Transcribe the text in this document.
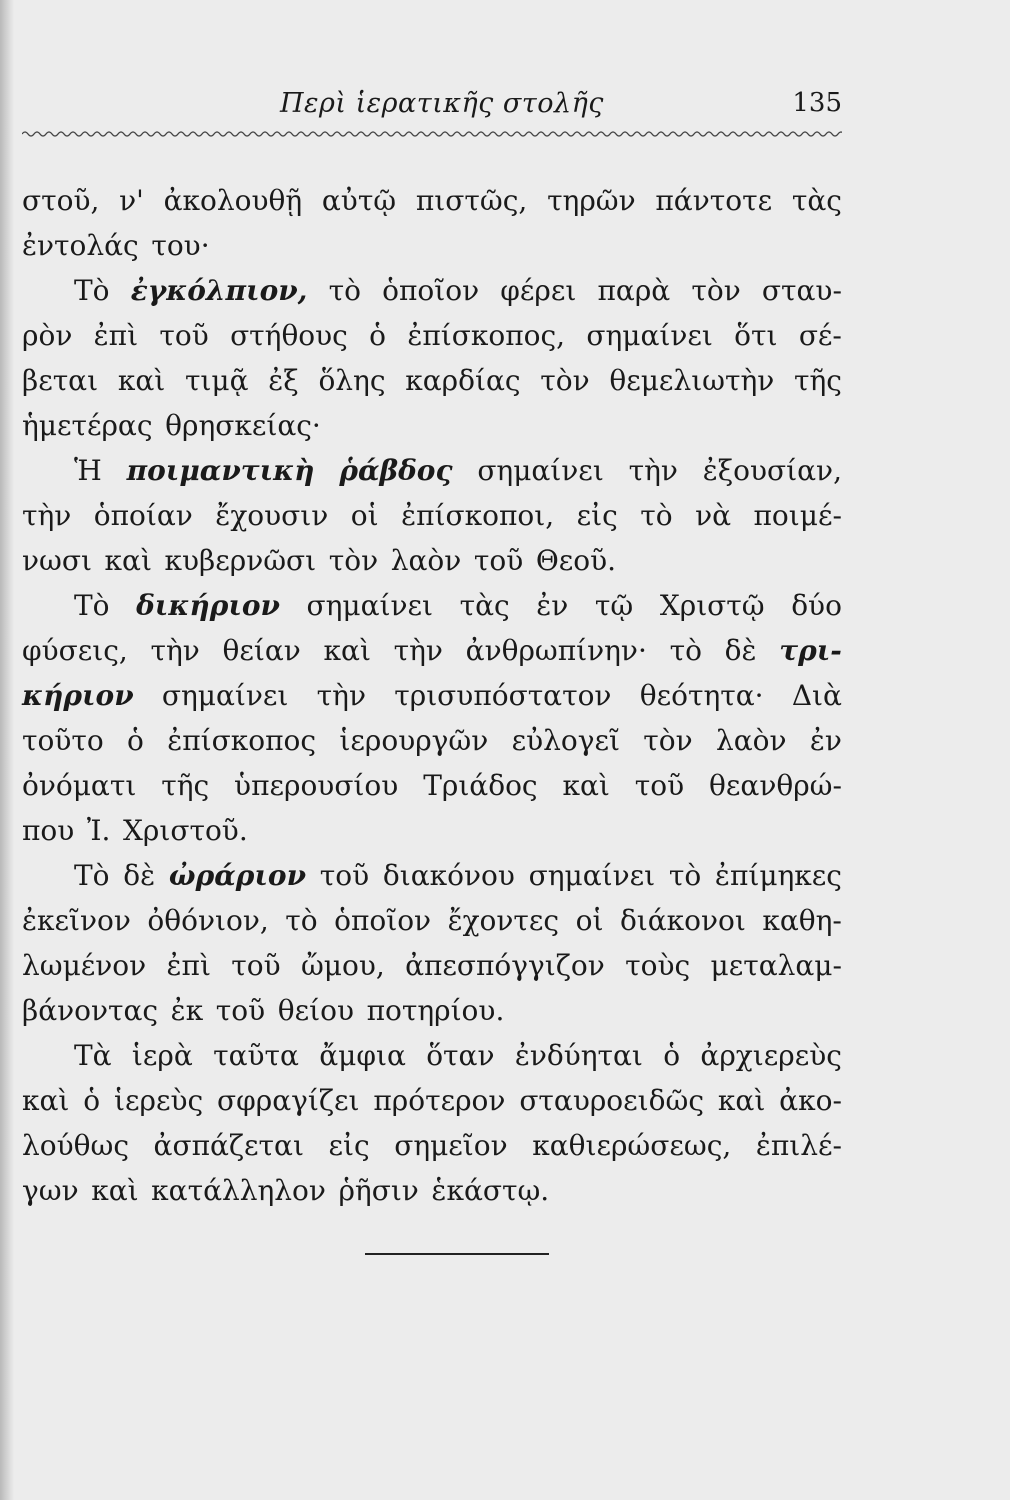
Περὶ ἱερατικῆς στολῆς	135
στοῦ, ν' ἀκολουθῇ αὐτῷ πιστῶς, τηρῶν πάντοτε τὰς
ἐντολάς του·
Τὸ ἐγκόλπιον, τὸ ὁποῖον φέρει παρὰ τὸν σταυ-
ρὸν ἐπὶ τοῦ στήθους ὁ ἐπίσκοπος, σημαίνει ὅτι σέ-
βεται καὶ τιμᾷ ἐξ ὅλης καρδίας τὸν θεμελιωτὴν τῆς
ἡμετέρας θρησκείας·
Ἡ ποιμαντικὴ ῥάβδος σημαίνει τὴν ἐξουσίαν,
τὴν ὁποίαν ἔχουσιν οἱ ἐπίσκοποι, εἰς τὸ νὰ ποιμέ-
νωσι καὶ κυβερνῶσι τὸν λαὸν τοῦ Θεοῦ.
Τὸ δικήριον σημαίνει τὰς ἐν τῷ Χριστῷ δύο
φύσεις, τὴν θείαν καὶ τὴν ἀνθρωπίνην· τὸ δὲ τρι-
κήριον σημαίνει τὴν τρισυπόστατον θεότητα· Διὰ
τοῦτο ὁ ἐπίσκοπος ἱερουργῶν εὐλογεῖ τὸν λαὸν ἐν
ὀνόματι τῆς ὑπερουσίου Τριάδος καὶ τοῦ θεανθρώ-
που Ἰ. Χριστοῦ.
Τὸ δὲ ὠράριον τοῦ διακόνου σημαίνει τὸ ἐπίμηκες
ἐκεῖνον ὀθόνιον, τὸ ὁποῖον ἔχοντες οἱ διάκονοι καθη-
λωμένον ἐπὶ τοῦ ὤμου, ἀπεσπόγγιζον τοὺς μεταλαμ-
βάνοντας ἐκ τοῦ θείου ποτηρίου.
Τὰ ἱερὰ ταῦτα ἄμφια ὅταν ἐνδύηται ὁ ἀρχιερεὺς
καὶ ὁ ἱερεὺς σφραγίζει πρότερον σταυροειδῶς καὶ ἀκο-
λούθως ἀσπάζεται εἰς σημεῖον καθιερώσεως, ἐπιλέ-
γων καὶ κατάλληλον ῥῆσιν ἑκάστῳ.
